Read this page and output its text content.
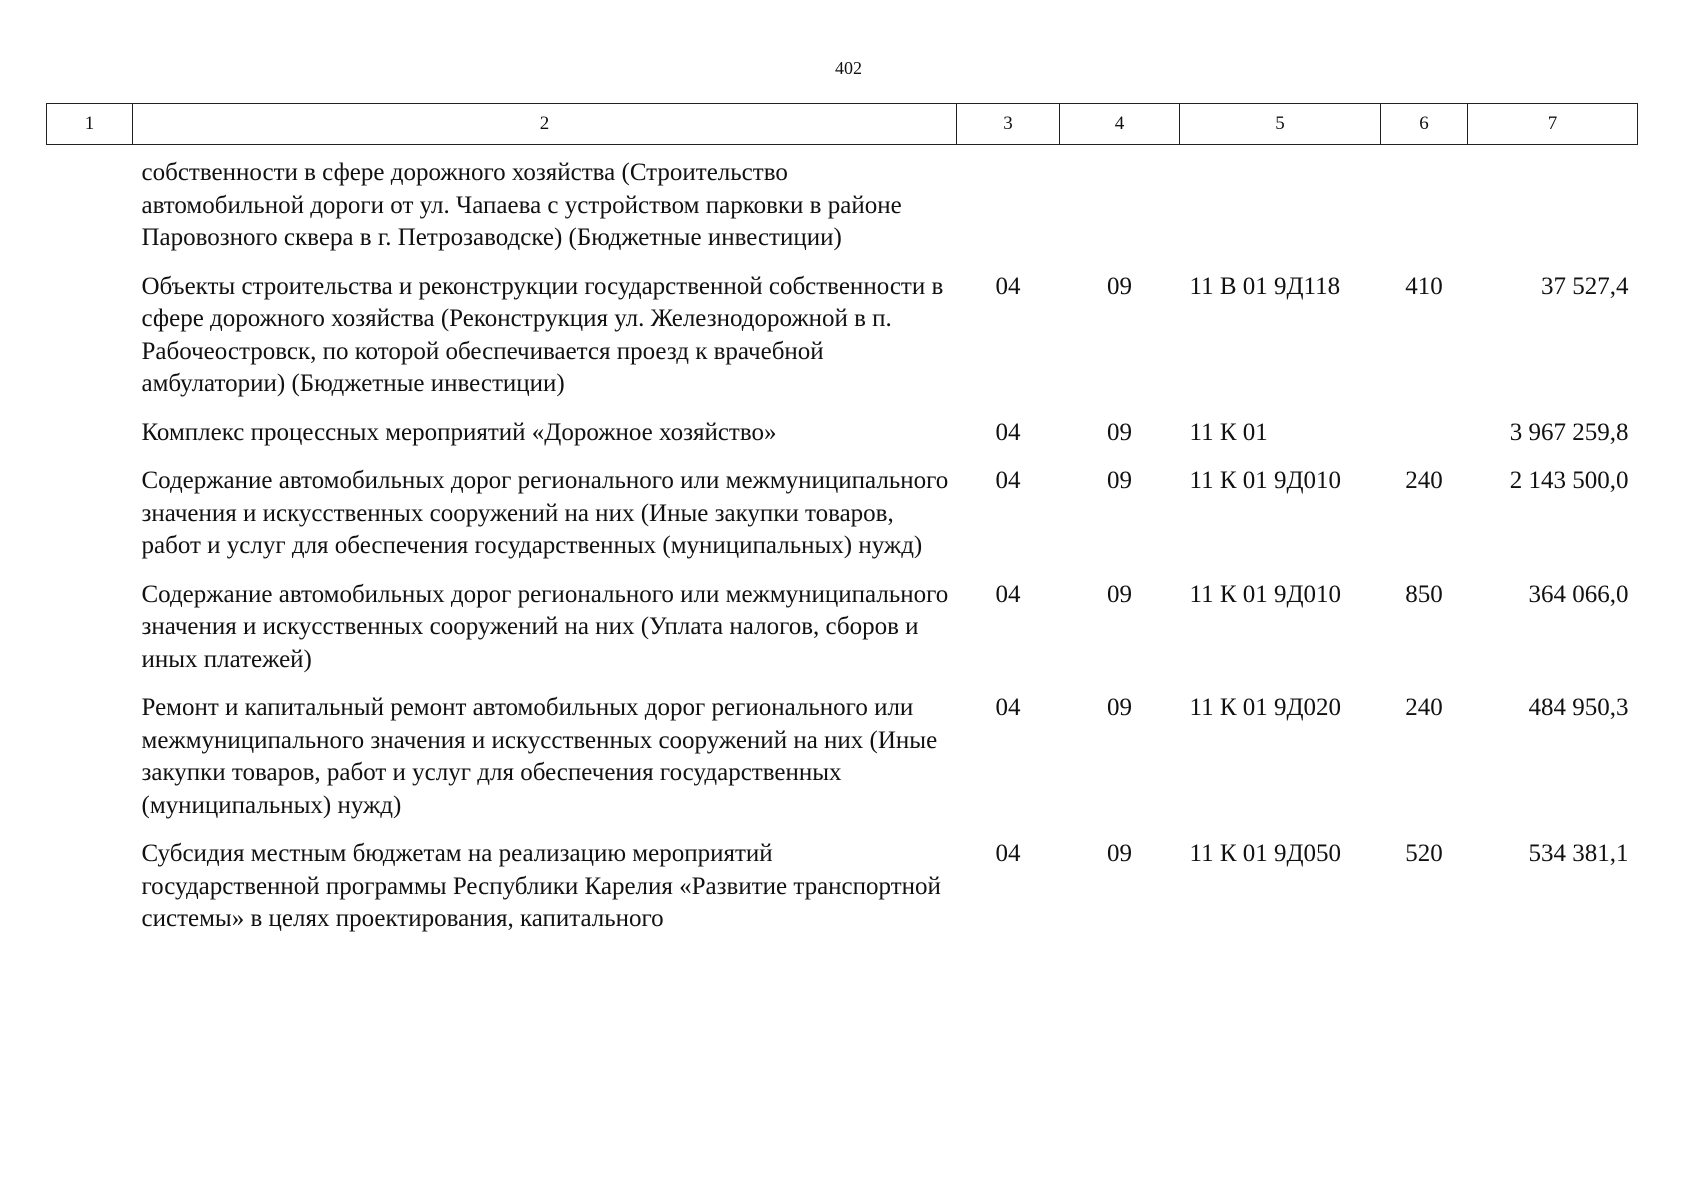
402
1	2	3	4	5	6	7
	собственности в сфере дорожного хозяйства (Строительство автомобильной дороги от ул. Чапаева с устройством парковки в районе Паровозного сквера в г. Петрозаводске) (Бюджетные инвестиции)					
	Объекты строительства и реконструкции государственной собственности в сфере дорожного хозяйства (Реконструкция ул. Железнодорожной в п. Рабочеостровск, по которой обеспечивается проезд к врачебной амбулатории) (Бюджетные инвестиции)	04	09	11 В 01 9Д118	410	37 527,4
	Комплекс процессных мероприятий «Дорожное хозяйство»	04	09	11 К 01		3 967 259,8
	Содержание автомобильных дорог регионального или межмуниципального значения и искусственных сооружений на них (Иные закупки товаров, работ и услуг для обеспечения государственных (муниципальных) нужд)	04	09	11 К 01 9Д010	240	2 143 500,0
	Содержание автомобильных дорог регионального или межмуниципального значения и искусственных сооружений на них (Уплата налогов, сборов и иных платежей)	04	09	11 К 01 9Д010	850	364 066,0
	Ремонт и капитальный ремонт автомобильных дорог регионального или межмуниципального значения и искусственных сооружений на них (Иные закупки товаров, работ и услуг для обеспечения государственных (муниципальных) нужд)	04	09	11 К 01 9Д020	240	484 950,3
	Субсидия местным бюджетам на реализацию мероприятий государственной программы Республики Карелия «Развитие транспортной системы» в целях проектирования, капитального	04	09	11 К 01 9Д050	520	534 381,1
